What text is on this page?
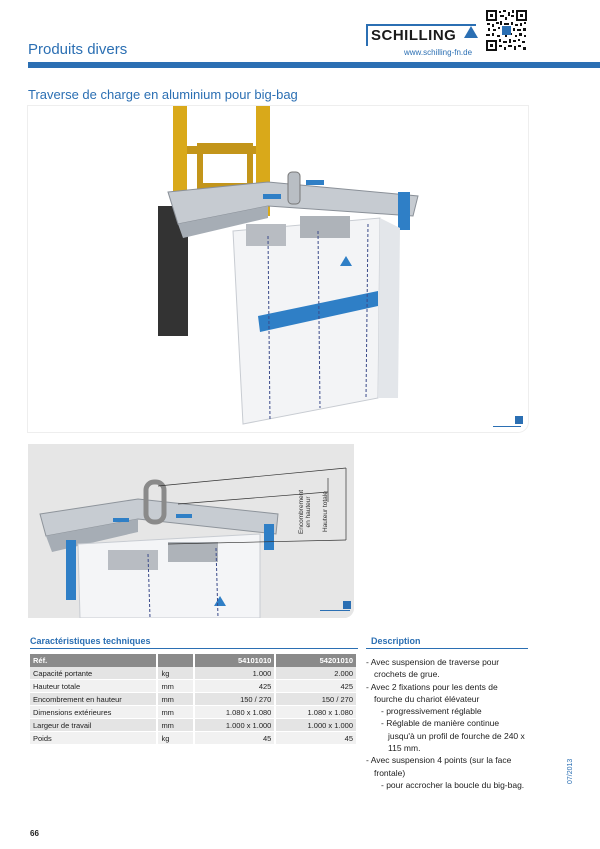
Produits divers
SCHILLING
www.schilling-fn.de
Traverse de charge en aluminium pour big-bag
Encombrement
en hauteur Hauteur totale
Caractéristiques techniques
Réf.		54101010	54201010
Capacité portante	kg	1.000	2.000
Hauteur totale	mm	425	425
Encombrement en hauteur	mm	150 / 270	150 / 270
Dimensions extérieures	mm	1.080 x 1.080	1.080 x 1.080
Largeur de travail	mm	1.000 x 1.000	1.000 x 1.000
Poids	kg	45	45
Description
- Avec suspension de traverse pour crochets de grue.
- Avec 2 fixations pour les dents de fourche du chariot élévateur
- progressivement réglable
- Réglable de manière continue jusqu'à un profil de fourche de 240 x 115 mm.
- Avec suspension 4 points (sur la face frontale)
- pour accrocher la boucle du big-bag.
66
07/2013
